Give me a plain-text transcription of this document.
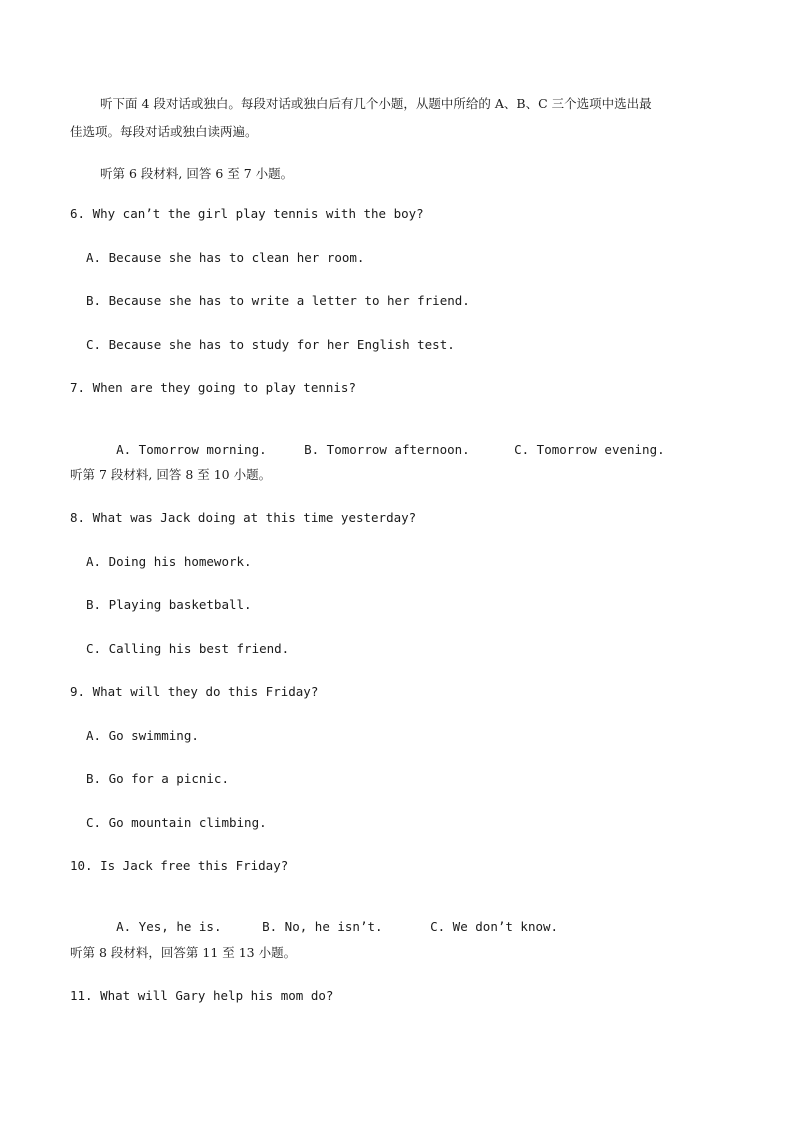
听下面 4 段对话或独白。每段对话或独白后有几个小题，从题中所给的 A、B、C 三个选项中选出最
佳选项。每段对话或独白读两遍。
听第 6 段材料, 回答 6 至 7 小题。
6. Why can’t the girl play tennis with the boy?
A. Because she has to clean her room.
B. Because she has to write a letter to her friend.
C. Because she has to study for her English test.
7. When are they going to play tennis?

A. Tomorrow morning.	B. Tomorrow afternoon.	C. Tomorrow evening.

听第 7 段材料, 回答 8 至 10 小题。
8. What was Jack doing at this time yesterday?
A. Doing his homework.
B. Playing basketball.
C. Calling his best friend.
9. What will they do this Friday?
A. Go swimming.
B. Go for a picnic.
C. Go mountain climbing.
10. Is Jack free this Friday?

A. Yes, he is.	B. No, he isn’t.	C. We don’t know.

听第 8 段材料，回答第 11 至 13 小题。
11. What will Gary help his mom do?
